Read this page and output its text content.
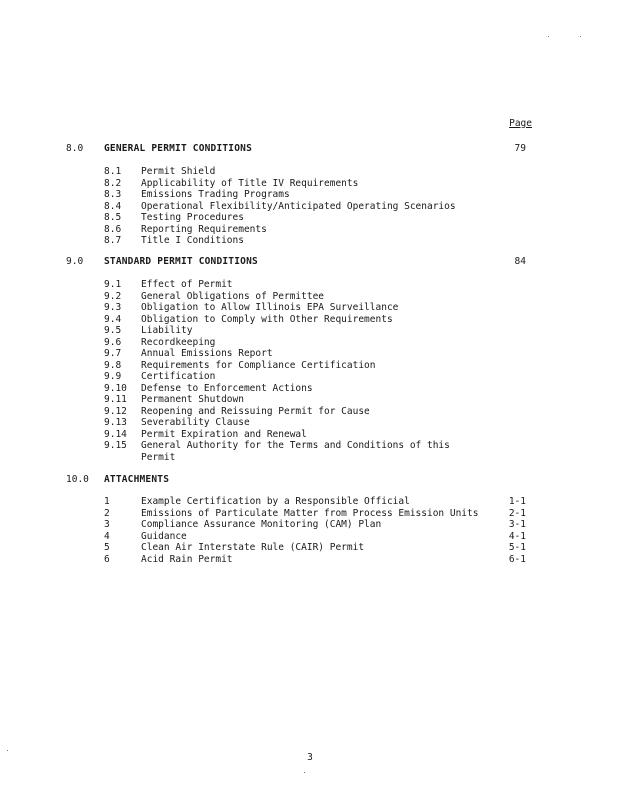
Page
8.0 GENERAL PERMIT CONDITIONS	79
8.1 Permit Shield
8.2 Applicability of Title IV Requirements
8.3 Emissions Trading Programs
8.4 Operational Flexibility/Anticipated Operating Scenarios
8.5 Testing Procedures
8.6 Reporting Requirements
8.7 Title I Conditions
9.0 STANDARD PERMIT CONDITIONS	84
9.1 Effect of Permit
9.2 General Obligations of Permittee
9.3 Obligation to Allow Illinois EPA Surveillance
9.4 Obligation to Comply with Other Requirements
9.5 Liability
9.6 Recordkeeping
9.7 Annual Emissions Report
9.8 Requirements for Compliance Certification
9.9 Certification
9.10 Defense to Enforcement Actions
9.11 Permanent Shutdown
9.12 Reopening and Reissuing Permit for Cause
9.13 Severability Clause
9.14 Permit Expiration and Renewal
9.15 General Authority for the Terms and Conditions of this Permit
10.0 ATTACHMENTS
1	Example Certification by a Responsible Official	1-1
2	Emissions of Particulate Matter from Process Emission Units	2-1
3	Compliance Assurance Monitoring (CAM) Plan	3-1
4	Guidance	4-1
5	Clean Air Interstate Rule (CAIR) Permit	5-1
6	Acid Rain Permit	6-1
3
